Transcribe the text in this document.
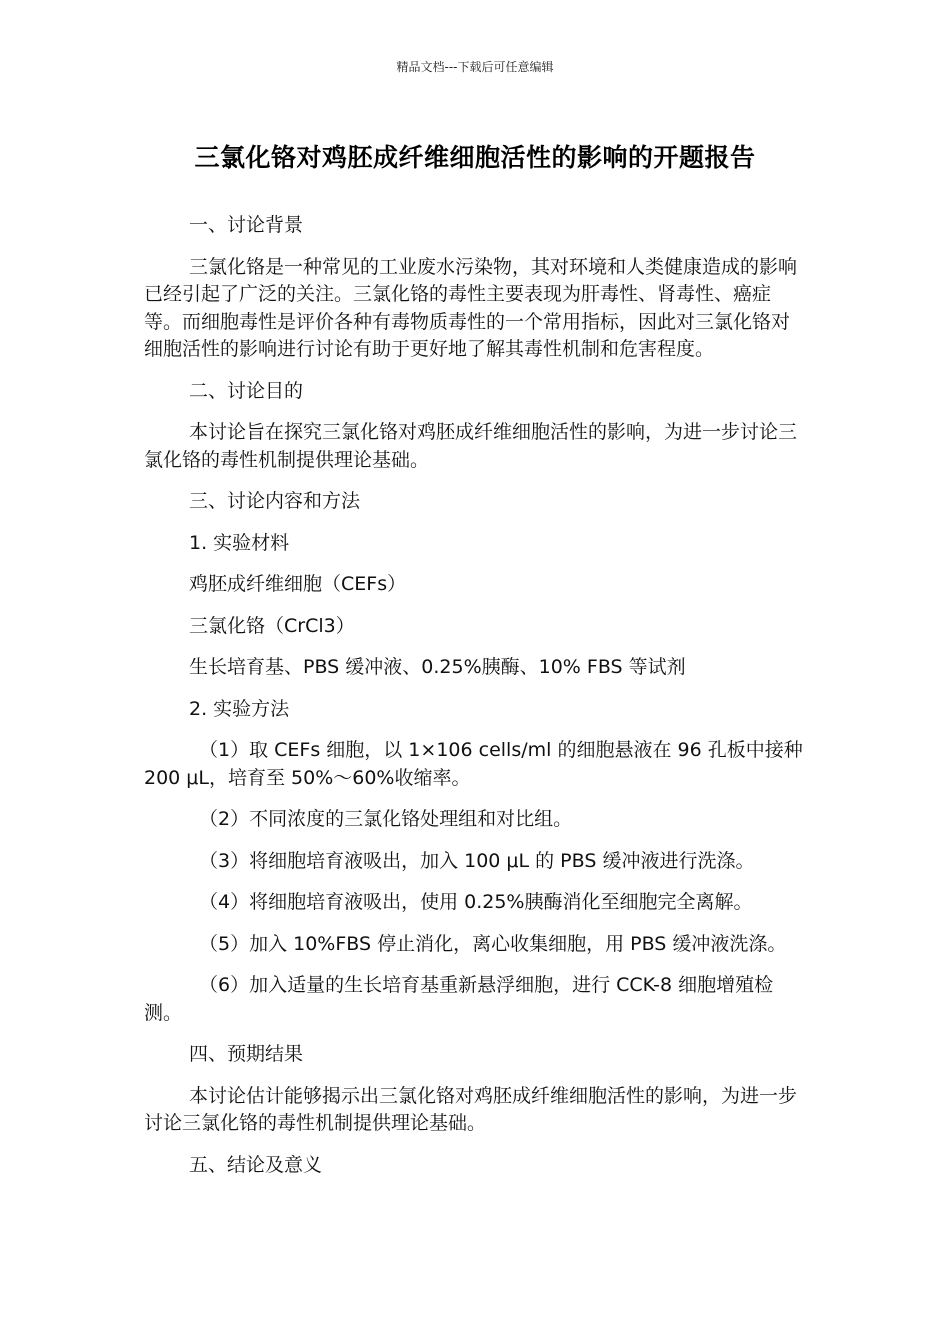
精品文档---下载后可任意编辑
三氯化铬对鸡胚成纤维细胞活性的影响的开题报告

一、讨论背景

三氯化铬是一种常见的工业废水污染物，其对环境和人类健康造成的影响已经引起了广泛的关注。三氯化铬的毒性主要表现为肝毒性、肾毒性、癌症等。而细胞毒性是评价各种有毒物质毒性的一个常用指标，因此对三氯化铬对细胞活性的影响进行讨论有助于更好地了解其毒性机制和危害程度。

二、讨论目的

本讨论旨在探究三氯化铬对鸡胚成纤维细胞活性的影响，为进一步讨论三氯化铬的毒性机制提供理论基础。

三、讨论内容和方法

1. 实验材料

鸡胚成纤维细胞（CEFs）

三氯化铬（CrCl3）

生长培育基、PBS 缓冲液、0.25%胰酶、10% FBS 等试剂

2. 实验方法

（1）取 CEFs 细胞，以 1×106 cells/ml 的细胞悬液在 96 孔板中接种 200 μL，培育至 50%～60%收缩率。

（2）不同浓度的三氯化铬处理组和对比组。

（3）将细胞培育液吸出，加入 100 μL 的 PBS 缓冲液进行洗涤。

（4）将细胞培育液吸出，使用 0.25%胰酶消化至细胞完全离解。

（5）加入 10%FBS 停止消化，离心收集细胞，用 PBS 缓冲液洗涤。

（6）加入适量的生长培育基重新悬浮细胞，进行 CCK-8 细胞增殖检测。

四、预期结果

本讨论估计能够揭示出三氯化铬对鸡胚成纤维细胞活性的影响，为进一步讨论三氯化铬的毒性机制提供理论基础。

五、结论及意义
